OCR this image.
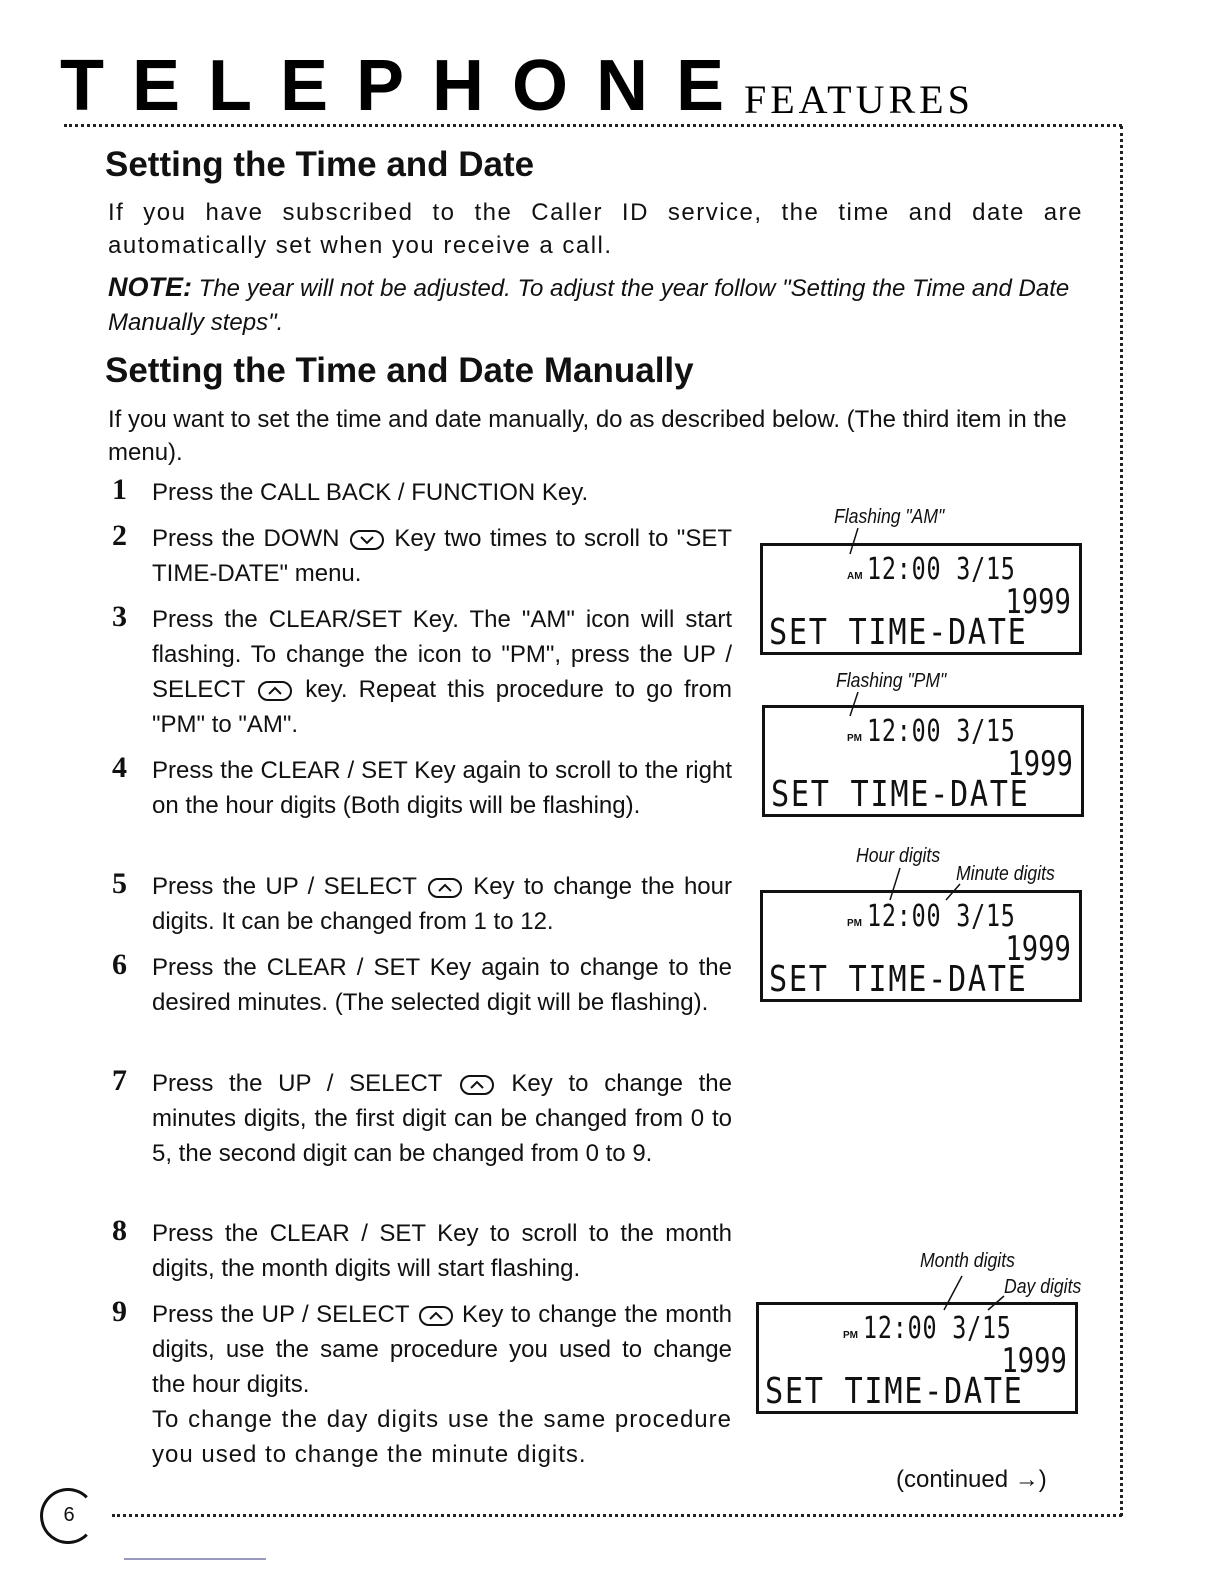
TELEPHONE
FEATURES
Setting the Time and Date

If you have subscribed to the Caller ID service, the time and date are automatically set when you receive a call.

NOTE: The year will not be adjusted. To adjust the year follow "Setting the Time and Date Manually steps".

Setting the Time and Date Manually

If you want to set the time and date manually, do as described below. (The third item in the menu).

1	Press the CALL BACK / FUNCTION Key.
2	Press the DOWN Key two times to scroll to "SET TIME-DATE" menu.
3	Press the CLEAR/SET Key. The "AM" icon will start flashing. To change the icon to "PM", press the UP / SELECT	key. Repeat this procedure to go from "PM" to "AM".
4	Press the CLEAR / SET Key again to scroll to the right on the hour digits (Both digits will be flashing).
5	Press the UP / SELECT Key to change the hour digits. It can be changed from 1 to 12.
6	Press the CLEAR / SET Key again to change to the desired minutes. (The selected digit will be flashing).
7	Press the UP / SELECT	Key to change the minutes digits, the first digit can be changed from 0 to 5, the second digit can be changed from 0 to 9.
8	Press the CLEAR / SET Key to scroll to the month digits, the month digits will start flashing.
9	Press the UP / SELECT Key to change the month digits, use the same procedure you used to change the hour digits.
To change the day digits use the same procedure you used to change the minute digits.
Flashing "AM"
AM 12:00 3/15
1999
SET TIME-DATE
Flashing "PM"
PM 12:00 3/15
1999
SET TIME-DATE
Hour digits
Minute digits
PM 12:00 3/15
1999
SET TIME-DATE
Month digits
Day digits
PM 12:00 3/15
1999
SET TIME-DATE
(continued →)
6
